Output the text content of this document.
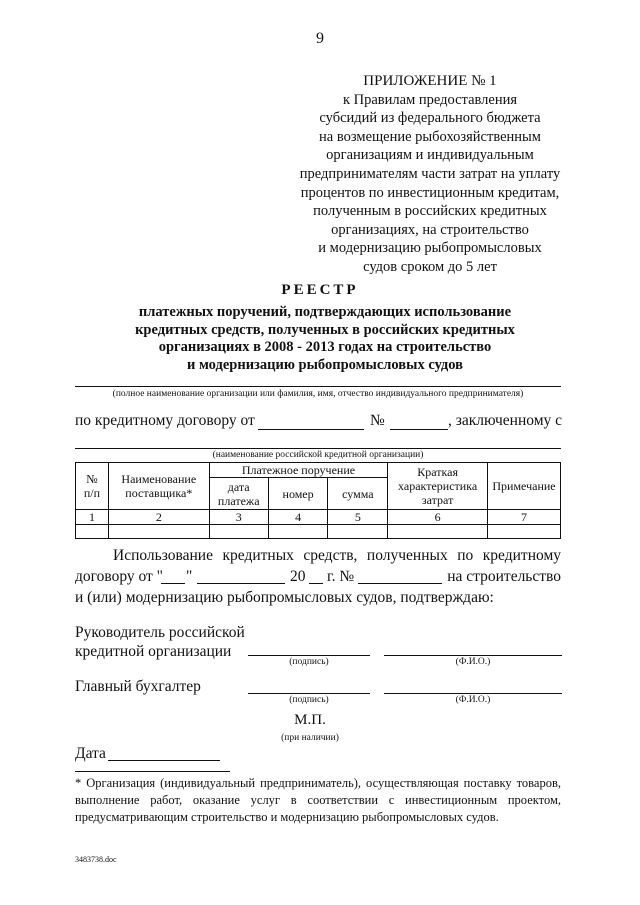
9
ПРИЛОЖЕНИЕ № 1
к Правилам предоставления
субсидий из федерального бюджета
на возмещение рыбохозяйственным
организациям и индивидуальным
предпринимателям части затрат на уплату
процентов по инвестиционным кредитам,
полученным в российских кредитных
организациях, на строительство
и модернизацию рыбопромысловых
судов сроком до 5 лет
РЕЕСТР
платежных поручений, подтверждающих использование
кредитных средств, полученных в российских кредитных
организациях в 2008 - 2013 годах на строительство
и модернизацию рыбопромысловых судов
(полное наименование организации или фамилия, имя, отчество индивидуального предпринимателя)
по кредитному договору от	№	, заключенному с
(наименование российской кредитной организации)
№ п/п	Наименование поставщика*	Платежное поручение			Краткая характеристика затрат	Примечание
		дата платежа	номер	сумма		
1	2	3	4	5	6	7

Использование кредитных средств, полученных по кредитному
договору от " "	20 г. №	на строительство
и (или) модернизацию рыбопромысловых судов, подтверждаю:
Руководитель российской
кредитной организации
(подпись)	(Ф.И.О.)
Главный бухгалтер
(подпись)	(Ф.И.О.)
М.П.
(при наличии)
Дата
* Организация (индивидуальный предприниматель), осуществляющая поставку товаров, выполнение работ, оказание услуг в соответствии с инвестиционным проектом, предусматривающим строительство и модернизацию рыбопромысловых судов.
3483738.doc
